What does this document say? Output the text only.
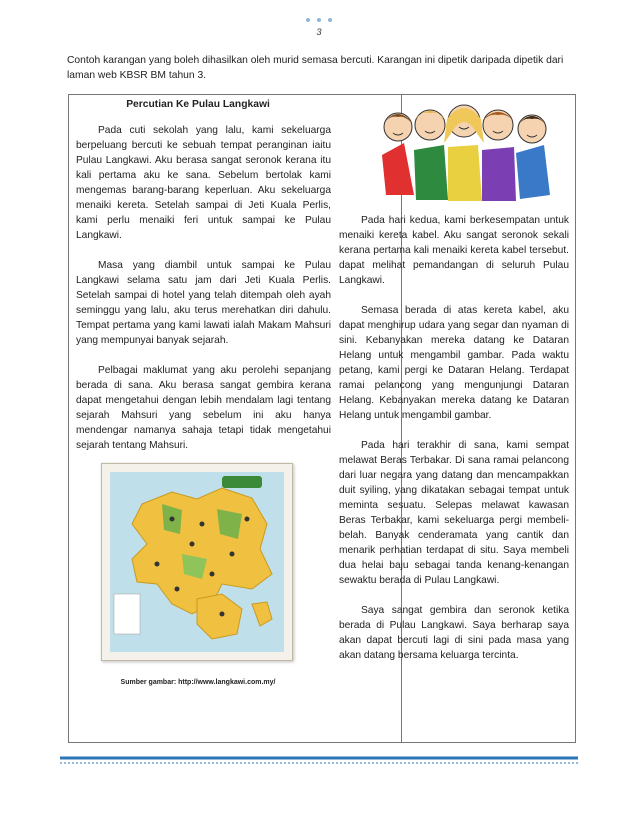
3
Contoh karangan yang boleh dihasilkan oleh murid semasa bercuti. Karangan ini dipetik daripada dipetik dari laman web KBSR BM tahun 3.
Percutian Ke Pulau Langkawi

Pada cuti sekolah yang lalu, kami sekeluarga berpeluang bercuti ke sebuah tempat peranginan iaitu Pulau Langkawi. Aku berasa sangat seronok kerana itu kali pertama aku ke sana. Sebelum bertolak kami mengemas barang-barang keperluan. Aku sekeluarga menaiki kereta. Setelah sampai di Jeti Kuala Perlis, kami perlu menaiki feri untuk sampai ke Pulau Langkawi.

Masa yang diambil untuk sampai ke Pulau Langkawi selama satu jam dari Jeti Kuala Perlis. Setelah sampai di hotel yang telah ditempah oleh ayah seminggu yang lalu, aku terus merehatkan diri dahulu. Tempat pertama yang kami lawati ialah Makam Mahsuri yang mempunyai banyak sejarah.

Pelbagai maklumat yang aku perolehi sepanjang berada di sana. Aku berasa sangat gembira kerana dapat mengetahui dengan lebih mendalam lagi tentang sejarah Mahsuri yang sebelum ini aku hanya mendengar namanya sahaja tetapi tidak mengetahui sejarah tentang Mahsuri.

Sumber gambar: http://www.langkawi.com.my/

Pada hari kedua, kami berkesempatan untuk menaiki kereta kabel. Aku sangat seronok sekali kerana pertama kali menaiki kereta kabel tersebut. dapat melihat pemandangan di seluruh Pulau Langkawi.

Semasa berada di atas kereta kabel, aku dapat menghirup udara yang segar dan nyaman di sini. Kebanyakan mereka datang ke Dataran Helang untuk mengambil gambar. Pada waktu petang, kami pergi ke Dataran Helang. Terdapat ramai pelancong yang mengunjungi Dataran Helang. Kebanyakan mereka datang ke Dataran Helang untuk mengambil gambar.

Pada hari terakhir di sana, kami sempat melawat Beras Terbakar. Di sana ramai pelancong dari luar negara yang datang dan mencampakkan duit syiling, yang dikatakan sebagai tempat untuk meminta sesuatu. Selepas melawat kawasan Beras Terbakar, kami sekeluarga pergi membeli-belah. Banyak cenderamata yang cantik dan menarik perhatian terdapat di situ. Saya membeli dua helai baju sebagai tanda kenang-kenangan sewaktu berada di Pulau Langkawi.

Saya sangat gembira dan seronok ketika berada di Pulau Langkawi. Saya berharap saya akan dapat bercuti lagi di sini pada masa yang akan datang bersama keluarga tercinta.
